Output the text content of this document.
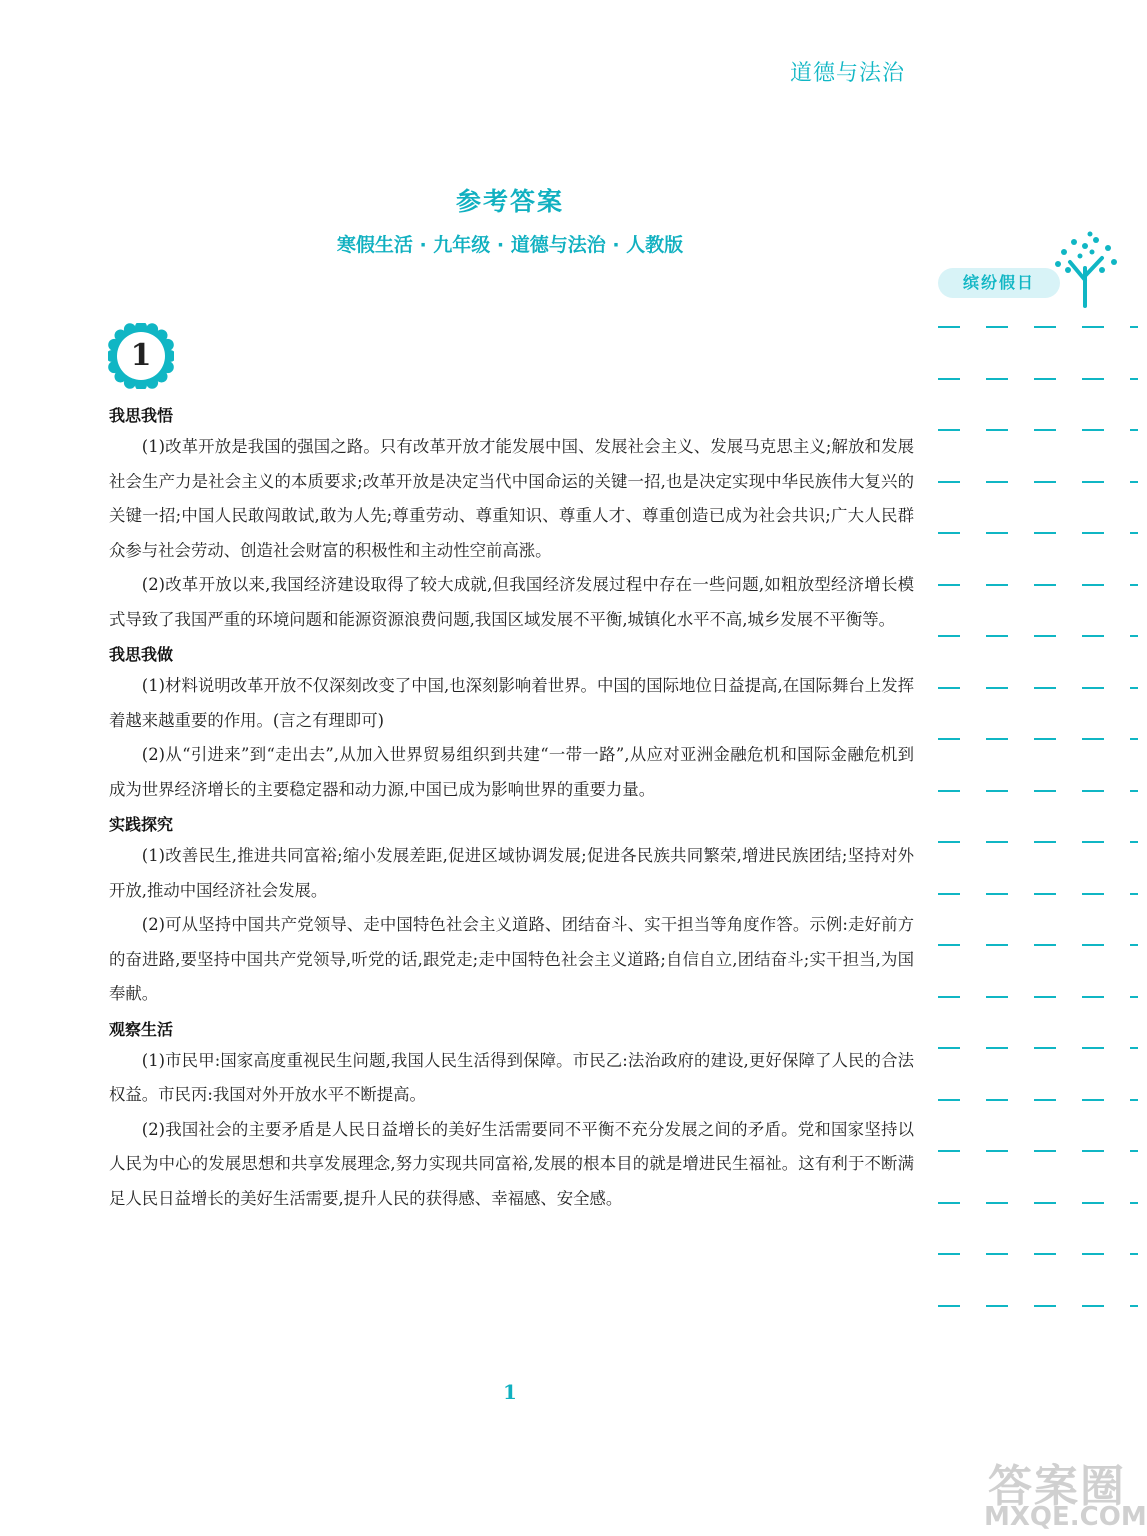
道德与法治
参考答案
寒假生活 · 九年级 · 道德与法治 · 人教版
缤纷假日
1
我思我悟

(1)改革开放是我国的强国之路。只有改革开放才能发展中国、发展社会主义、发展马克思主义;解放和发展社会生产力是社会主义的本质要求;改革开放是决定当代中国命运的关键一招,也是决定实现中华民族伟大复兴的关键一招;中国人民敢闯敢试,敢为人先;尊重劳动、尊重知识、尊重人才、尊重创造已成为社会共识;广大人民群众参与社会劳动、创造社会财富的积极性和主动性空前高涨。

(2)改革开放以来,我国经济建设取得了较大成就,但我国经济发展过程中存在一些问题,如粗放型经济增长模式导致了我国严重的环境问题和能源资源浪费问题,我国区域发展不平衡,城镇化水平不高,城乡发展不平衡等。

我思我做

(1)材料说明改革开放不仅深刻改变了中国,也深刻影响着世界。中国的国际地位日益提高,在国际舞台上发挥着越来越重要的作用。(言之有理即可)

(2)从“引进来”到“走出去”,从加入世界贸易组织到共建“一带一路”,从应对亚洲金融危机和国际金融危机到成为世界经济增长的主要稳定器和动力源,中国已成为影响世界的重要力量。

实践探究

(1)改善民生,推进共同富裕;缩小发展差距,促进区域协调发展;促进各民族共同繁荣,增进民族团结;坚持对外开放,推动中国经济社会发展。

(2)可从坚持中国共产党领导、走中国特色社会主义道路、团结奋斗、实干担当等角度作答。示例:走好前方的奋进路,要坚持中国共产党领导,听党的话,跟党走;走中国特色社会主义道路;自信自立,团结奋斗;实干担当,为国奉献。

观察生活

(1)市民甲:国家高度重视民生问题,我国人民生活得到保障。市民乙:法治政府的建设,更好保障了人民的合法权益。市民丙:我国对外开放水平不断提高。

(2)我国社会的主要矛盾是人民日益增长的美好生活需要同不平衡不充分发展之间的矛盾。党和国家坚持以人民为中心的发展思想和共享发展理念,努力实现共同富裕,发展的根本目的就是增进民生福祉。这有利于不断满足人民日益增长的美好生活需要,提升人民的获得感、幸福感、安全感。

1
答案圈
MXQE.COM
